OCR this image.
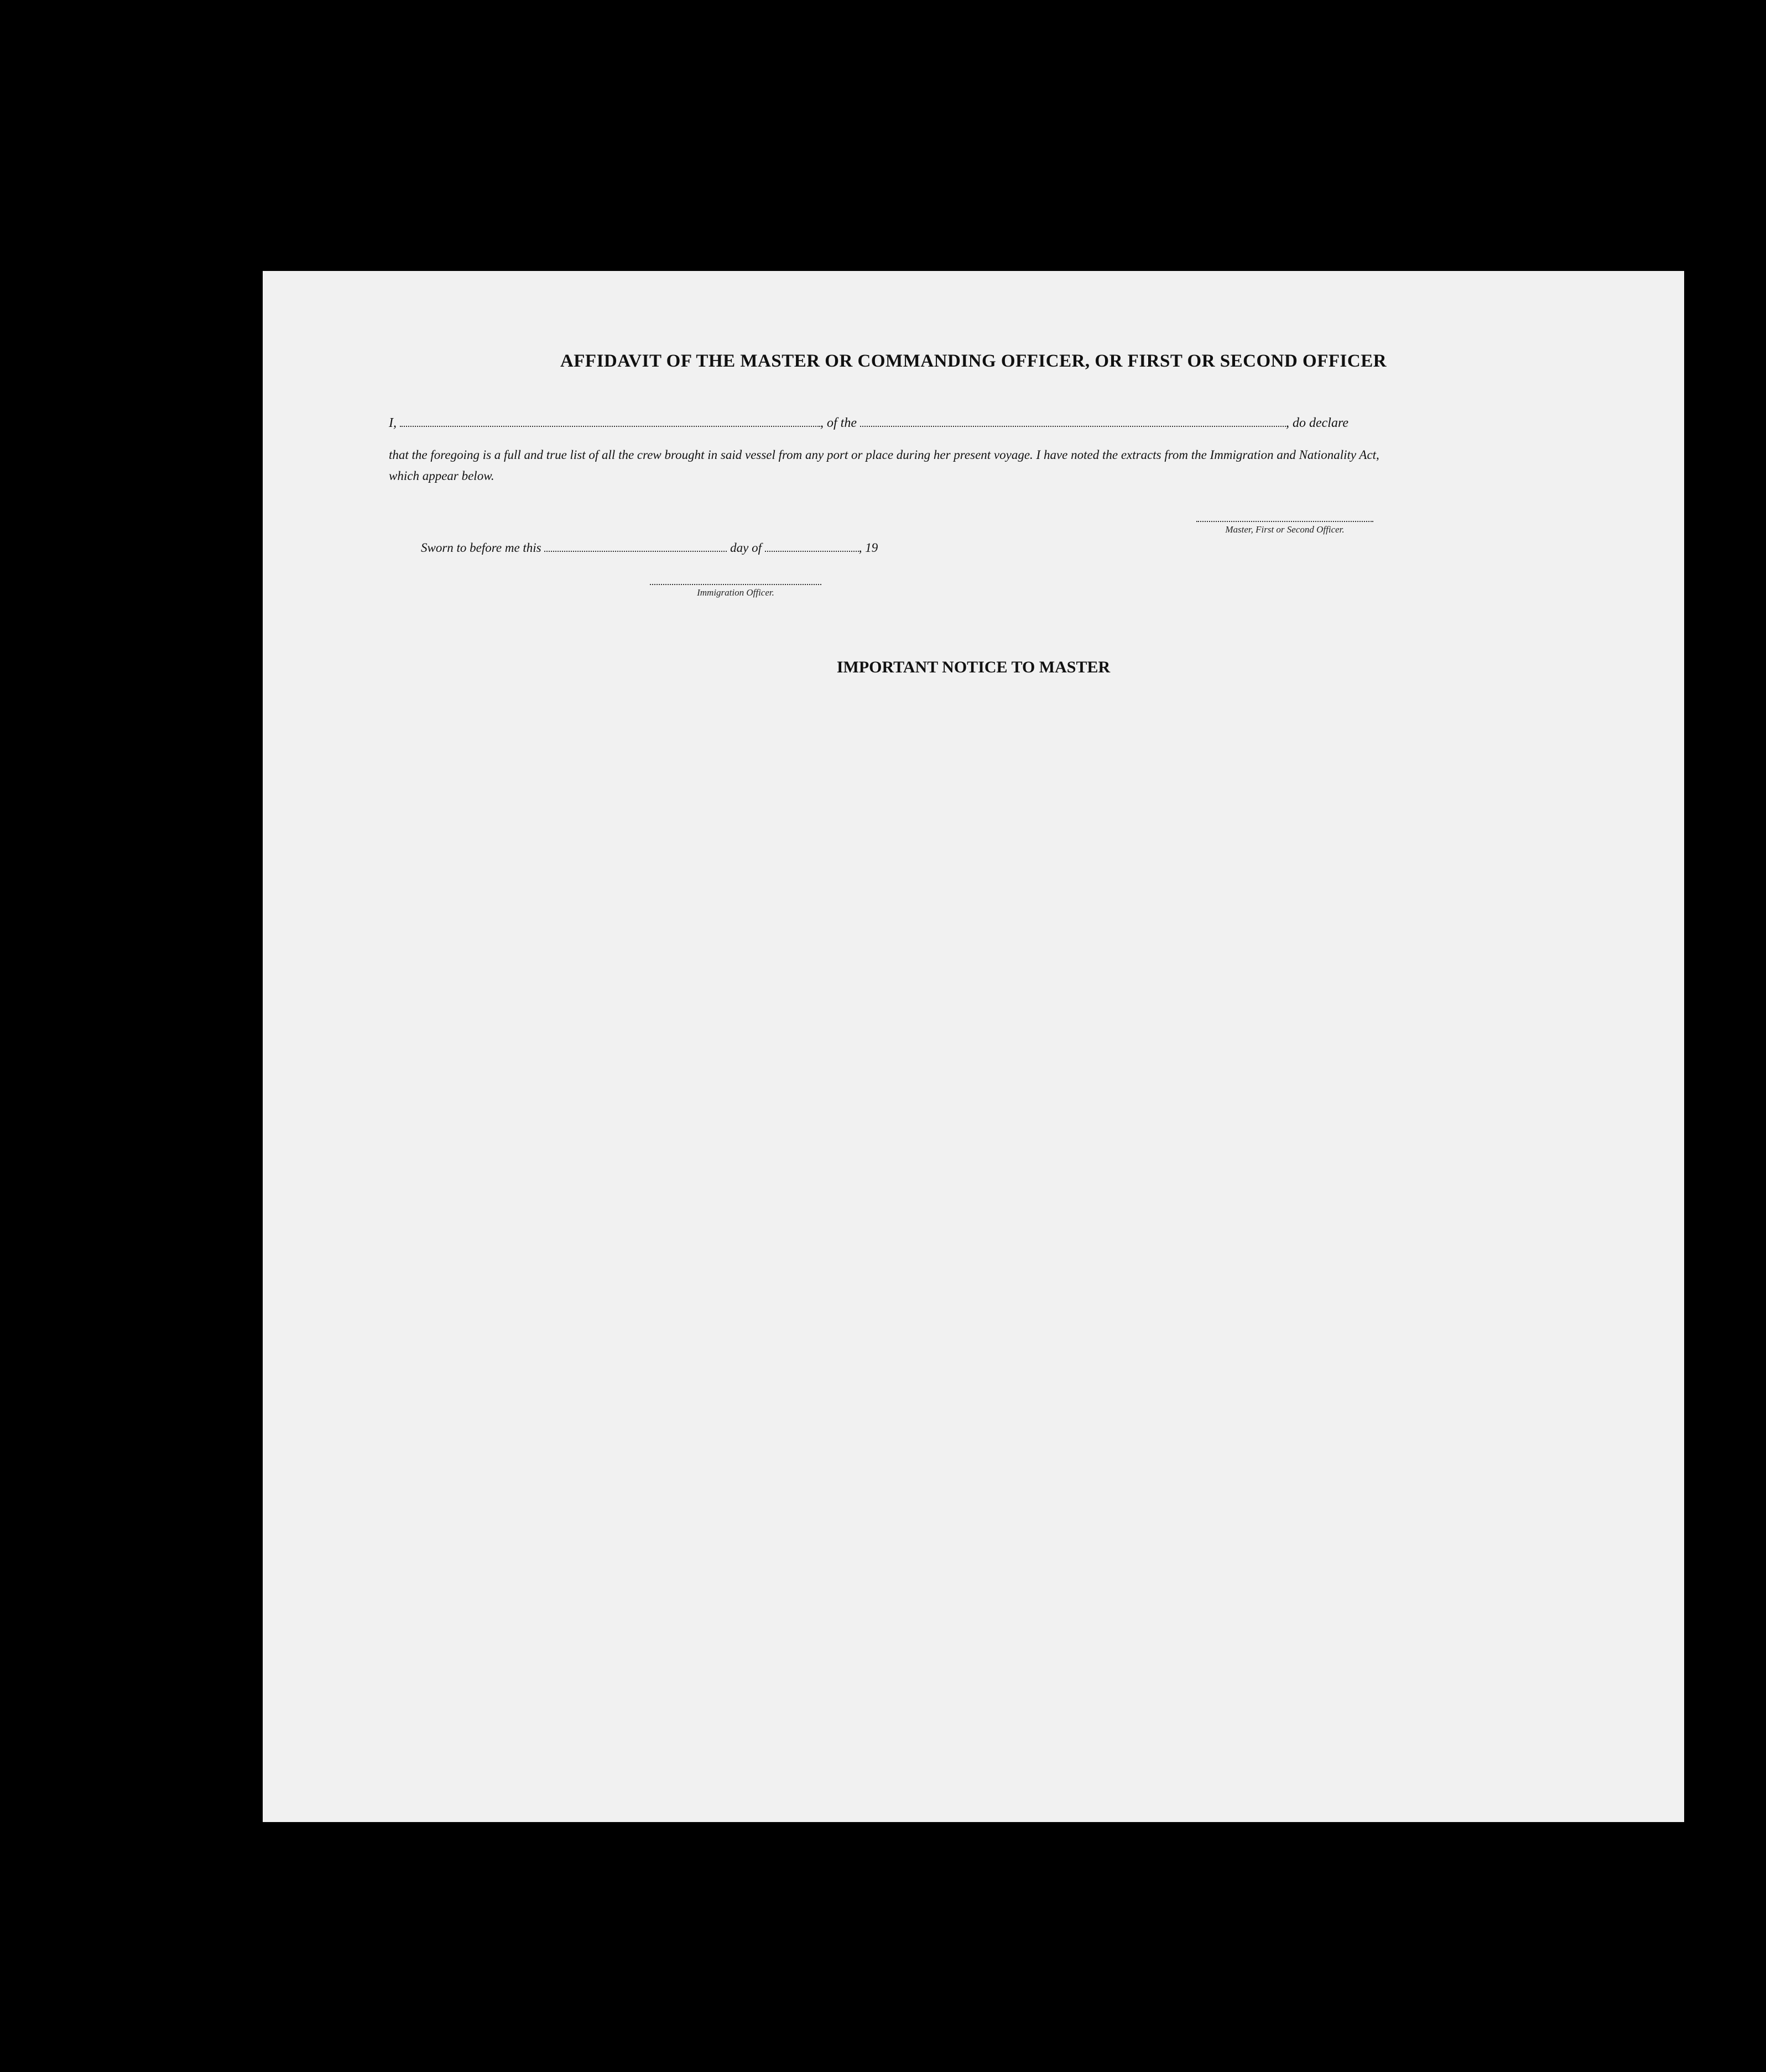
AFFIDAVIT OF THE MASTER OR COMMANDING OFFICER, OR FIRST OR SECOND OFFICER
I,	, of the	, do declare
that the foregoing is a full and true list of all the crew brought in said vessel from any port or place during her present voyage. I have noted the extracts from the Immigration and Nationality Act, which appear below.
Master, First or Second Officer.
Sworn to before me this	day of	, 19
Immigration Officer.
IMPORTANT NOTICE TO MASTER
